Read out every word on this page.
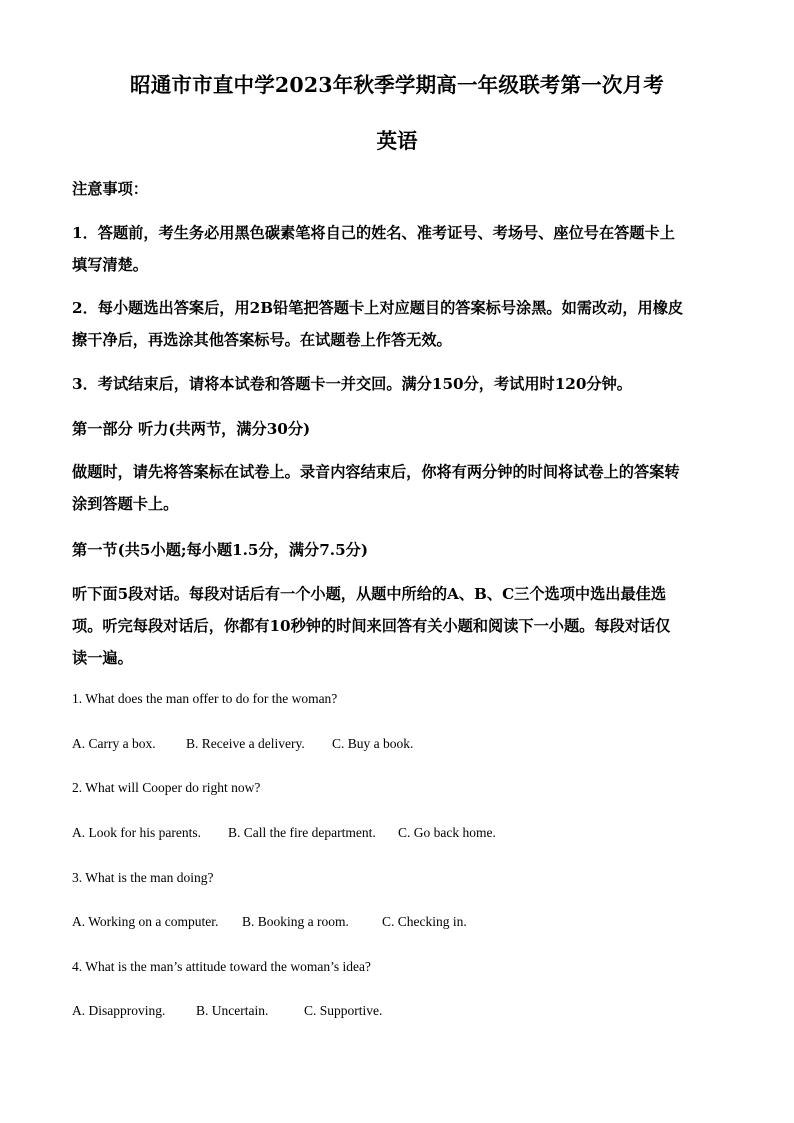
昭通市市直中学2023年秋季学期高一年级联考第一次月考
英语
注意事项：
1．答题前，考生务必用黑色碳素笔将自己的姓名、准考证号、考场号、座位号在答题卡上
填写清楚。
2．每小题选出答案后，用2B铅笔把答题卡上对应题目的答案标号涂黑。如需改动，用橡皮
擦干净后，再选涂其他答案标号。在试题卷上作答无效。
3．考试结束后，请将本试卷和答题卡一并交回。满分150分，考试用时120分钟。
第一部分 听力(共两节，满分30分)
做题时，请先将答案标在试卷上。录音内容结束后，你将有两分钟的时间将试卷上的答案转
涂到答题卡上。
第一节(共5小题;每小题1.5分，满分7.5分)
听下面5段对话。每段对话后有一个小题，从题中所给的A、B、C三个选项中选出最佳选
项。听完每段对话后，你都有10秒钟的时间来回答有关小题和阅读下一小题。每段对话仅
读一遍。
1. What does the man offer to do for the woman?
A. Carry a box. B. Receive a delivery. C. Buy a book.
2. What will Cooper do right now?
A. Look for his parents. B. Call the fire department. C. Go back home.
3. What is the man doing?
A. Working on a computer. B. Booking a room. C. Checking in.
4. What is the man’s attitude toward the woman’s idea?
A. Disapproving. B. Uncertain.	C. Supportive.
